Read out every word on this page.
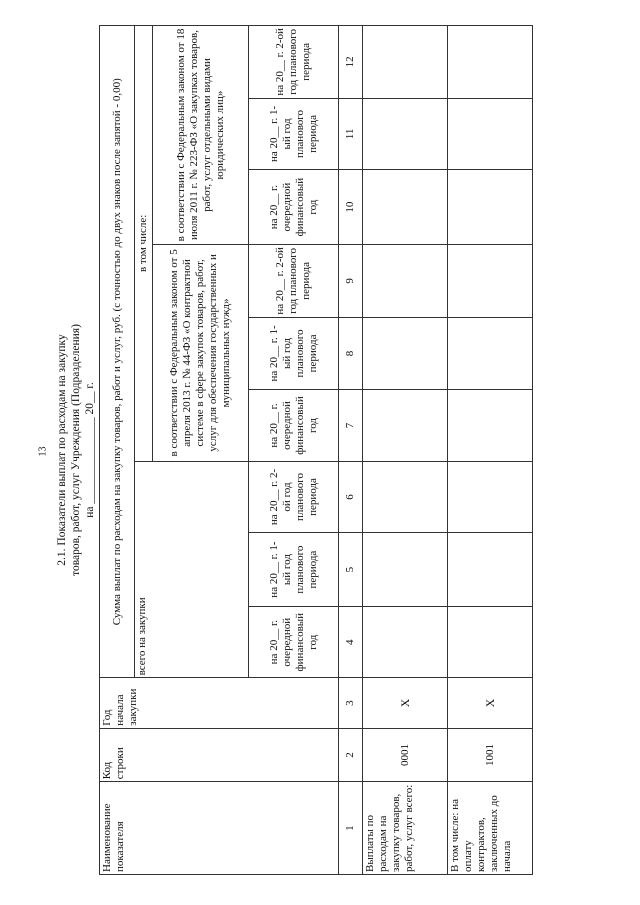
13 2.1. Показатели выплат по расходам на закупку товаров, работ, услуг Учреждения (Подразделения) на _______________ 20__ г.
Наименование показателя	Код строки	Год начала закупки	Сумма выплат по расходам на закупку товаров, работ и услуг, руб. (с точностью до двух знаков после запятой - 0,00)								
			всего на закупки			в том числе:					
						в соответствии с Федеральным законом от 5 апреля 2013 г. № 44-ФЗ «О контрактной системе в сфере закупок товаров, работ, услуг для обеспечения государственных и муниципальных нужд»			в соответствии с Федеральным законом от 18 июля 2011 г. № 223-ФЗ «О закупках товаров, работ, услуг отдельными видами юридических лиц»		
			на 20__ г. очередной финансовый год	на 20__ г. 1-ый год планового периода	на 20__ г. 2-ой год планового периода	на 20__ г. очередной финансовый год	на 20__ г. 1-ый год планового периода	на 20__ г. 2-ой год планового периода	на 20__ г. очередной финансовый год	на 20__ г. 1-ый год планового периода	на 20__ г. 2-ой год планового периода
1	2	3	4	5	6	7	8	9	10	11	12
Выплаты по расходам на закупку товаров, работ, услуг всего:	0001	X									
В том числе: на оплату контрактов, заключенных до начала	1001	X									
